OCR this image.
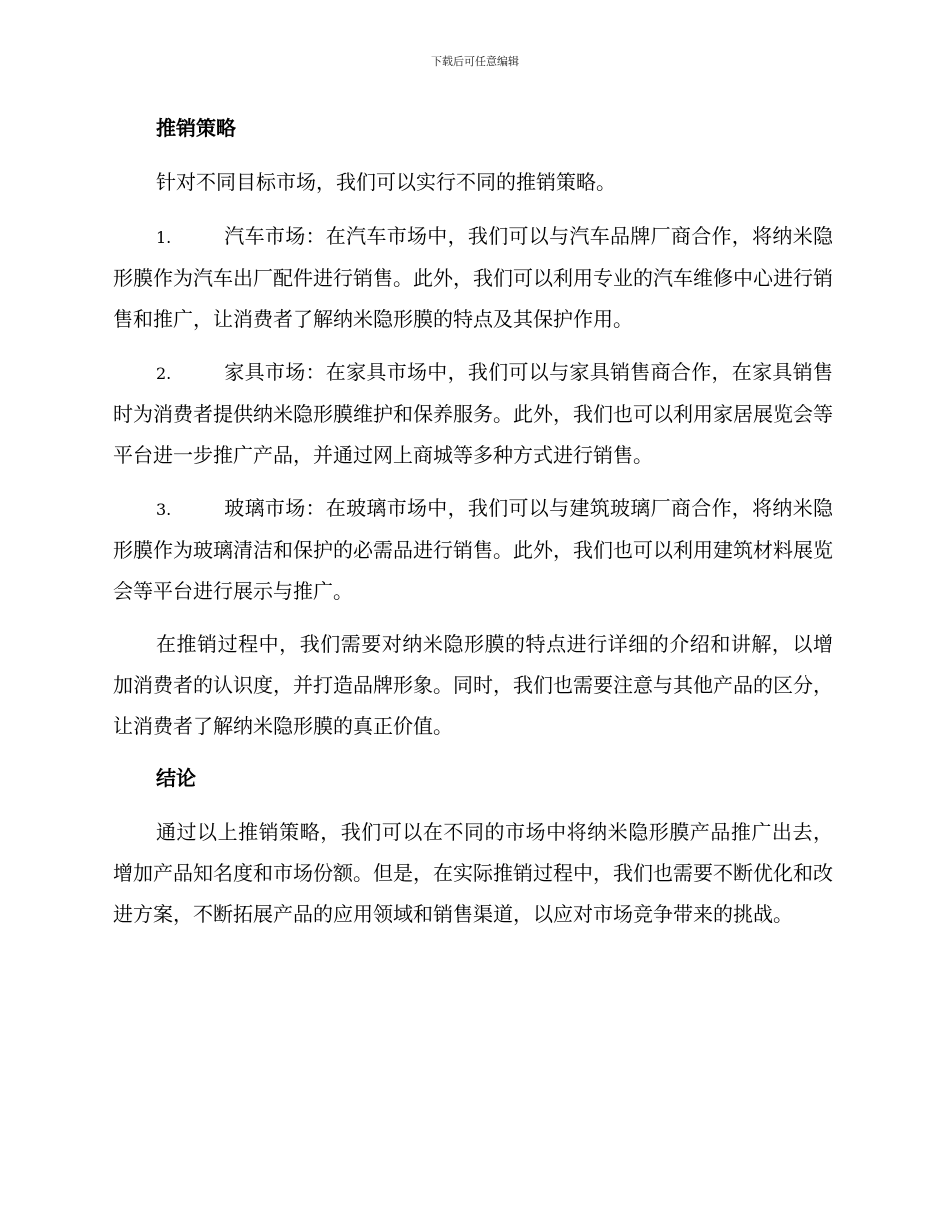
下载后可任意编辑
推销策略

针对不同目标市场，我们可以实行不同的推销策略。

1.	汽车市场：在汽车市场中，我们可以与汽车品牌厂商合作，将纳米隐形膜作为汽车出厂配件进行销售。此外，我们可以利用专业的汽车维修中心进行销售和推广，让消费者了解纳米隐形膜的特点及其保护作用。

2.	家具市场：在家具市场中，我们可以与家具销售商合作，在家具销售时为消费者提供纳米隐形膜维护和保养服务。此外，我们也可以利用家居展览会等平台进一步推广产品，并通过网上商城等多种方式进行销售。

3.	玻璃市场：在玻璃市场中，我们可以与建筑玻璃厂商合作，将纳米隐形膜作为玻璃清洁和保护的必需品进行销售。此外，我们也可以利用建筑材料展览会等平台进行展示与推广。

在推销过程中，我们需要对纳米隐形膜的特点进行详细的介绍和讲解，以增加消费者的认识度，并打造品牌形象。同时，我们也需要注意与其他产品的区分，让消费者了解纳米隐形膜的真正价值。

结论

通过以上推销策略，我们可以在不同的市场中将纳米隐形膜产品推广出去，增加产品知名度和市场份额。但是，在实际推销过程中，我们也需要不断优化和改进方案，不断拓展产品的应用领域和销售渠道，以应对市场竞争带来的挑战。
